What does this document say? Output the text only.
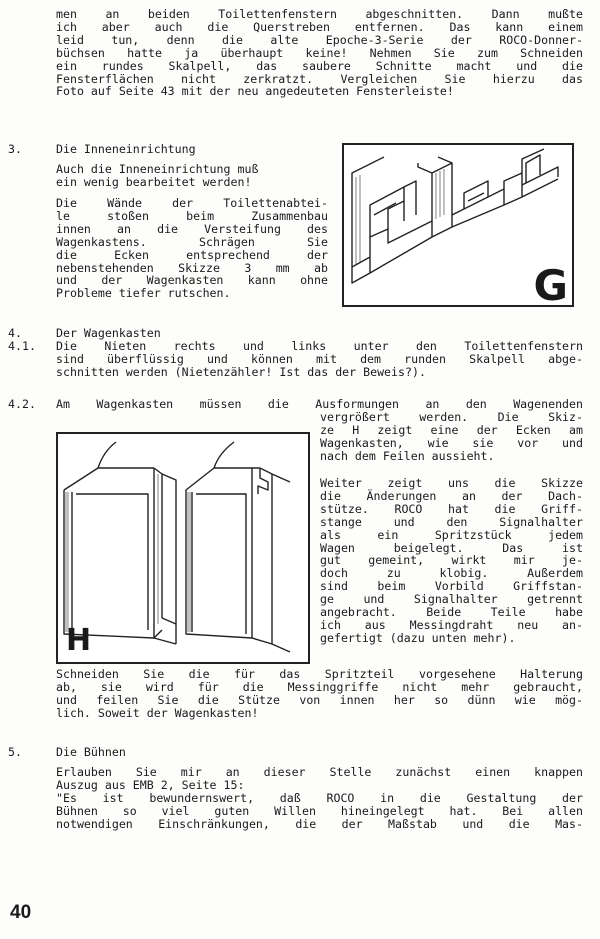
men an beiden Toilettenfenstern abgeschnitten. Dann mußte
ich aber auch die Querstreben entfernen. Das kann einem
leid tun, denn die alte Epoche-3-Serie der ROCO-Donner-
büchsen hatte ja überhaupt keine! Nehmen Sie zum Schneiden
ein rundes Skalpell, das saubere Schnitte macht und die
Fensterflächen nicht zerkratzt. Vergleichen Sie hierzu das
Foto auf Seite 43 mit der neu angedeuteten Fensterleiste!

3.	Die Inneneinrichtung

Auch die Inneneinrichtung muß
ein wenig bearbeitet werden!
Die Wände der Toilettenabtei-
le stoßen beim Zusammenbau
innen an die Versteifung des
Wagenkastens. Schrägen Sie
die Ecken entsprechend der
nebenstehenden Skizze 3 mm ab
und der Wagenkasten kann ohne
Probleme tiefer rutschen.	G

4.	Der Wagenkasten

4.1. Die Nieten rechts und links unter den Toilettenfenstern
sind überflüssig und können mit dem runden Skalpell abge-
schnitten werden (Nietenzähler! Ist das der Beweis?).

4.2. Am Wagenkasten müssen die Ausformungen an den Wagenenden
vergrößert werden. Die Skiz-
ze H zeigt eine der Ecken am
Wagenkasten, wie sie vor und
nach dem Feilen aussieht.
Weiter zeigt uns die Skizze
die Änderungen an der Dach-
stütze. ROCO hat die Griff-
stange und den Signalhalter
als ein Spritzstück jedem
Wagen beigelegt. Das ist
gut gemeint, wirkt mir je-
doch zu klobig. Außerdem
sind beim Vorbild Griffstan-
ge und Signalhalter getrennt
angebracht. Beide Teile habe
ich aus Messingdraht neu an-
gefertigt (dazu unten mehr).
H
Schneiden Sie die für das Spritzteil vorgesehene Halterung
ab, sie wird für die Messinggriffe nicht mehr gebraucht,
und feilen Sie die Stütze von innen her so dünn wie mög-
lich. Soweit der Wagenkasten!

5.	Die Bühnen

Erlauben Sie mir an dieser Stelle zunächst einen knappen
Auszug aus EMB 2, Seite 15:
"Es ist bewundernswert, daß ROCO in die Gestaltung der
Bühnen so viel guten Willen hineingelegt hat. Bei allen
notwendigen Einschränkungen, die der Maßstab und die Mas-
40
